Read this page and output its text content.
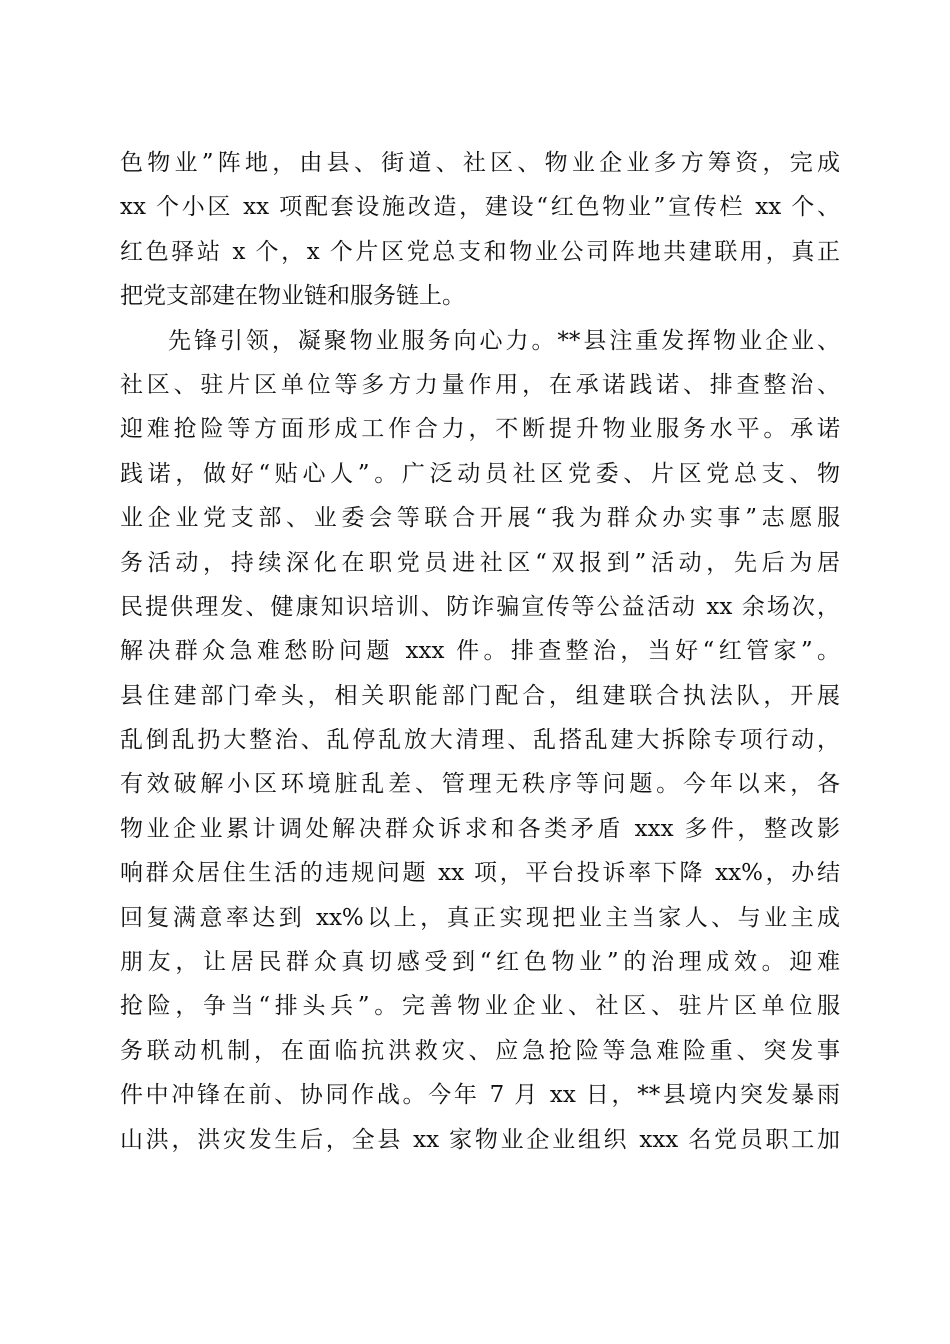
色物业”阵地，由县、街道、社区、物业企业多方筹资，完成
xx 个小区 xx 项配套设施改造，建设“红色物业”宣传栏 xx 个、
红色驿站 x 个，x 个片区党总支和物业公司阵地共建联用，真正
把党支部建在物业链和服务链上。
先锋引领，凝聚物业服务向心力。**县注重发挥物业企业、
社区、驻片区单位等多方力量作用，在承诺践诺、排查整治、
迎难抢险等方面形成工作合力，不断提升物业服务水平。承诺
践诺，做好“贴心人”。广泛动员社区党委、片区党总支、物
业企业党支部、业委会等联合开展“我为群众办实事”志愿服
务活动，持续深化在职党员进社区“双报到”活动，先后为居
民提供理发、健康知识培训、防诈骗宣传等公益活动 xx 余场次，
解决群众急难愁盼问题 xxx 件。排查整治，当好“红管家”。
县住建部门牵头，相关职能部门配合，组建联合执法队，开展
乱倒乱扔大整治、乱停乱放大清理、乱搭乱建大拆除专项行动，
有效破解小区环境脏乱差、管理无秩序等问题。今年以来，各
物业企业累计调处解决群众诉求和各类矛盾 xxx 多件，整改影
响群众居住生活的违规问题 xx 项，平台投诉率下降 xx%，办结
回复满意率达到 xx%以上，真正实现把业主当家人、与业主成
朋友，让居民群众真切感受到“红色物业”的治理成效。迎难
抢险，争当“排头兵”。完善物业企业、社区、驻片区单位服
务联动机制，在面临抗洪救灾、应急抢险等急难险重、突发事
件中冲锋在前、协同作战。今年 7 月 xx 日，**县境内突发暴雨
山洪，洪灾发生后，全县 xx 家物业企业组织 xxx 名党员职工加
